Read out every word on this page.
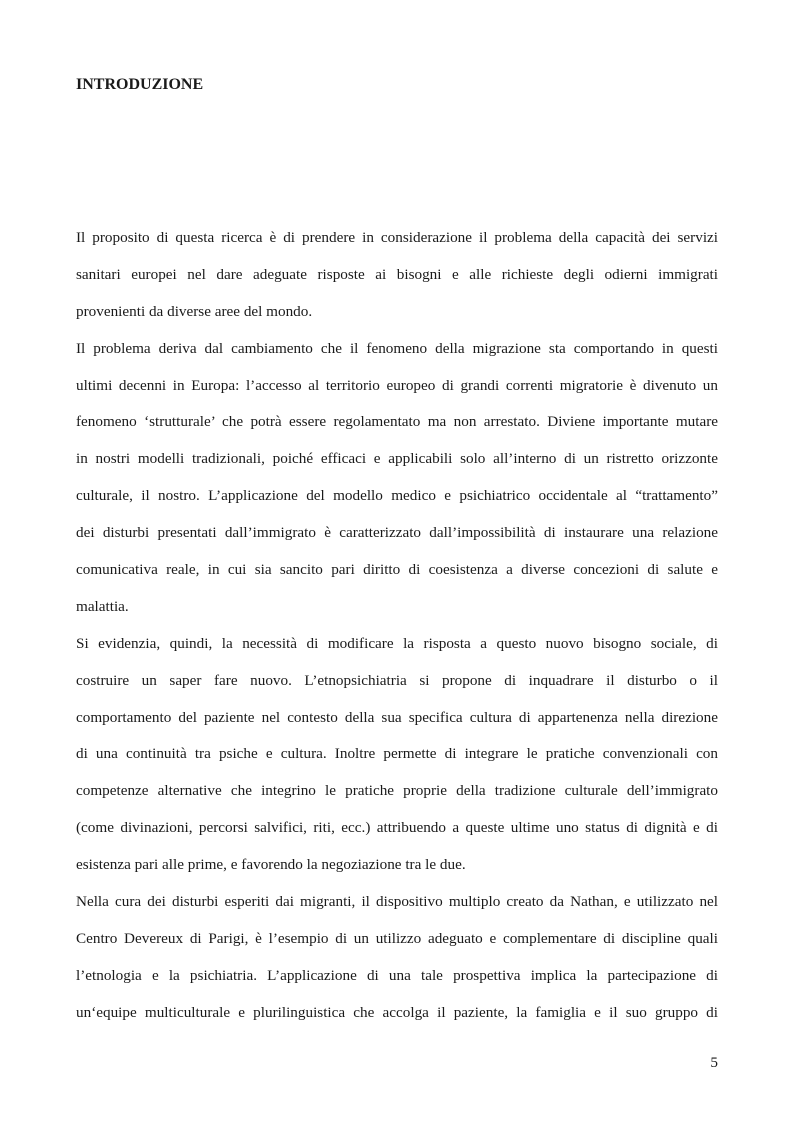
INTRODUZIONE
Il proposito di questa ricerca è di prendere in considerazione il problema della capacità dei servizi
sanitari europei nel dare adeguate risposte ai bisogni e alle richieste degli odierni immigrati
provenienti da diverse aree del mondo.
Il problema deriva dal cambiamento che il fenomeno della migrazione sta comportando in questi
ultimi decenni in Europa: l’accesso al territorio europeo di grandi correnti migratorie è divenuto un
fenomeno ‘strutturale’ che potrà essere regolamentato ma non arrestato. Diviene importante mutare
in nostri modelli tradizionali, poiché efficaci e applicabili solo all’interno di un ristretto orizzonte
culturale, il nostro. L’applicazione del modello medico e psichiatrico occidentale al “trattamento”
dei disturbi presentati dall’immigrato è caratterizzato dall’impossibilità di instaurare una relazione
comunicativa reale, in cui sia sancito pari diritto di coesistenza a diverse concezioni di salute e
malattia.
Si evidenzia, quindi, la necessità di modificare la risposta a questo nuovo bisogno sociale, di
costruire un saper fare nuovo. L’etnopsichiatria si propone di inquadrare il disturbo o il
comportamento del paziente nel contesto della sua specifica cultura di appartenenza nella direzione
di una continuità tra psiche e cultura. Inoltre permette di integrare le pratiche convenzionali con
competenze alternative che integrino le pratiche proprie della tradizione culturale dell’immigrato
(come divinazioni, percorsi salvifici, riti, ecc.) attribuendo a queste ultime uno status di dignità e di
esistenza pari alle prime, e favorendo la negoziazione tra le due.
Nella cura dei disturbi esperiti dai migranti, il dispositivo multiplo creato da Nathan, e utilizzato nel
Centro Devereux di Parigi, è l’esempio di un utilizzo adeguato e complementare di discipline quali
l’etnologia e la psichiatria. L’applicazione di una tale prospettiva implica la partecipazione di
un‘equipe multiculturale e plurilinguistica che accolga il paziente, la famiglia e il suo gruppo di
5
